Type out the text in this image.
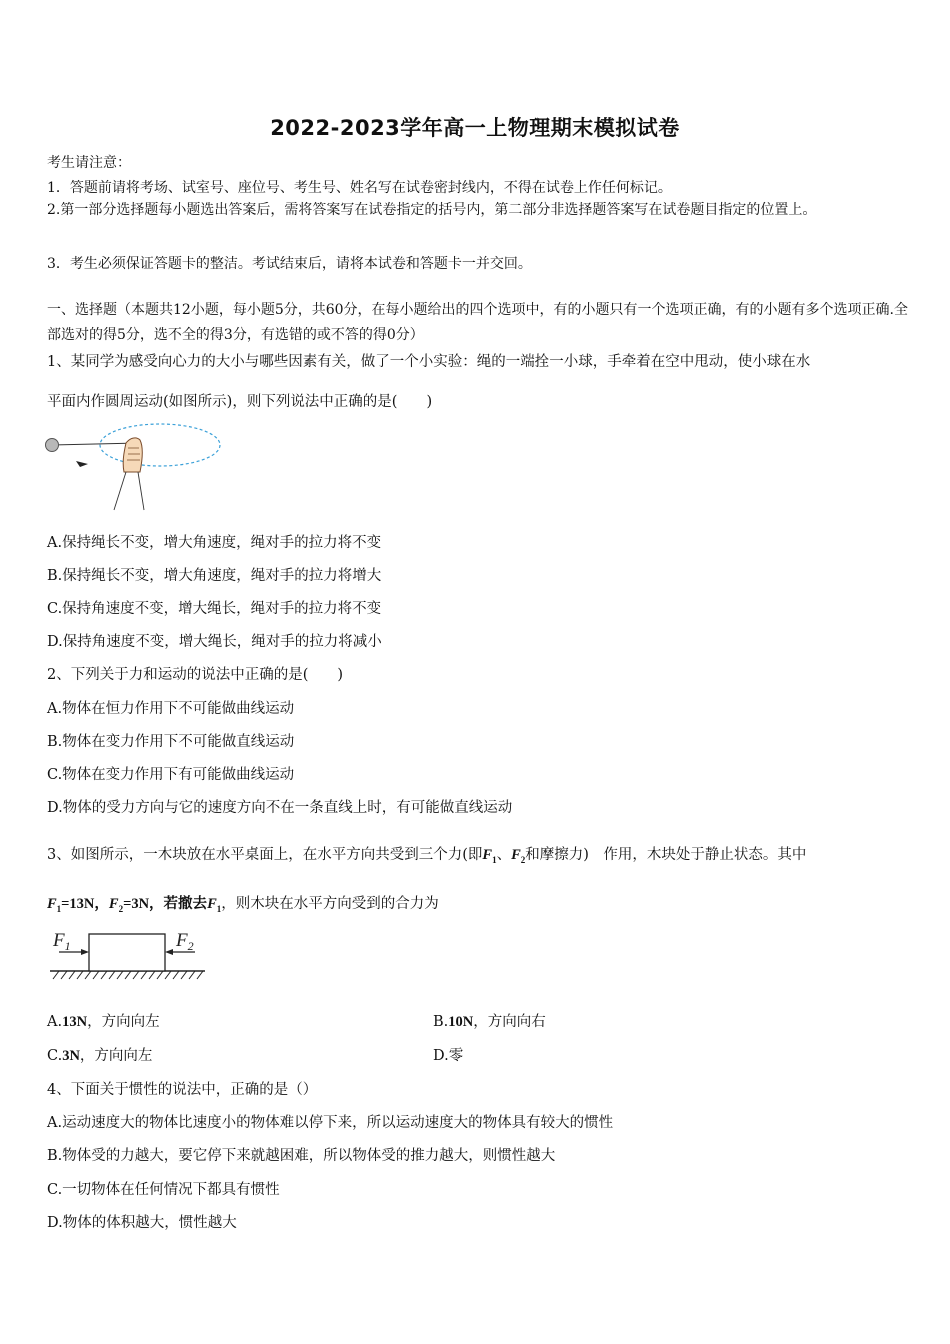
2022-2023学年高一上物理期末模拟试卷
考生请注意：
1．答题前请将考场、试室号、座位号、考生号、姓名写在试卷密封线内，不得在试卷上作任何标记。
2.第一部分选择题每小题选出答案后，需将答案写在试卷指定的括号内，第二部分非选择题答案写在试卷题目指定的位置上。
3．考生必须保证答题卡的整洁。考试结束后，请将本试卷和答题卡一并交回。
一、选择题（本题共12小题，每小题5分，共60分，在每小题给出的四个选项中，有的小题只有一个选项正确，有的小题有多个选项正确.全部选对的得5分，选不全的得3分，有选错的或不答的得0分）
1、某同学为感受向心力的大小与哪些因素有关，做了一个小实验：绳的一端拴一小球，手牵着在空中甩动，使小球在水
平面内作圆周运动(如图所示)，则下列说法中正确的是(　　)
A.保持绳长不变，增大角速度，绳对手的拉力将不变
B.保持绳长不变，增大角速度，绳对手的拉力将增大
C.保持角速度不变，增大绳长，绳对手的拉力将不变
D.保持角速度不变，增大绳长，绳对手的拉力将减小
2、下列关于力和运动的说法中正确的是(　　)
A.物体在恒力作用下不可能做曲线运动
B.物体在变力作用下不可能做直线运动
C.物体在变力作用下有可能做曲线运动
D.物体的受力方向与它的速度方向不在一条直线上时，有可能做直线运动
3、如图所示，一木块放在水平桌面上，在水平方向共受到三个力(即$F_1$、$F_2$和摩擦力)　作用，木块处于静止状态。其中
$F_1=13N$，$F_2=3N$，若撤去$F_1$，则木块在水平方向受到的合力为
$F_1$	$F_2$
A.13N，方向向左	B.10N，方向向右
C.3N，方向向左	D.零
4、下面关于惯性的说法中，正确的是（）
A.运动速度大的物体比速度小的物体难以停下来，所以运动速度大的物体具有较大的惯性
B.物体受的力越大，要它停下来就越困难，所以物体受的推力越大，则惯性越大
C.一切物体在任何情况下都具有惯性
D.物体的体积越大，惯性越大
